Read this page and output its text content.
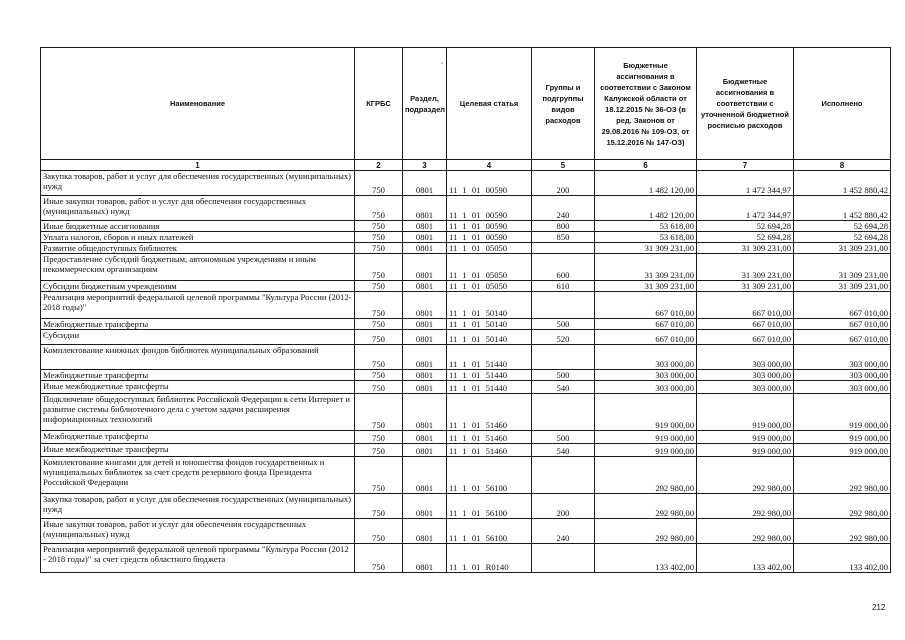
Наименование	КГРБС	Раздел, подраздел	Целевая статья	Группы и подгруппы видов расходов	Бюджетные ассигнования в соответствии с Законом Калужской области от 18.12.2015 № 36-ОЗ (в ред. Законов от 29.08.2016 № 109-ОЗ, от 15.12.2016 № 147-ОЗ)	Бюджетные ассигнования в соответствии с уточненной бюджетной росписью расходов	Исполнено
1	2	3	4	5	6	7	8
Закупка товаров, работ и услуг для обеспечения государственных (муниципальных) нужд	750	0801	11 1 01 00590	200	1 482 120,00	1 472 344,97	1 452 880,42
Иные закупки товаров, работ и услуг для обеспечения государственных (муниципальных) нужд	750	0801	11 1 01 00590	240	1 482 120,00	1 472 344,97	1 452 880,42
Иные бюджетные ассигнования	750	0801	11 1 01 00590	800	53 618,00	52 694,28	52 694,28
Уплата налогов, сборов и иных платежей	750	0801	11 1 01 00590	850	53 618,00	52 694,28	52 694,28
Развитие общедоступных библиотек	750	0801	11 1 01 05050		31 309 231,00	31 309 231,00	31 309 231,00
Предоставление субсидий бюджетным, автономным учреждениям и иным некоммерческим организациям	750	0801	11 1 01 05050	600	31 309 231,00	31 309 231,00	31 309 231,00
Субсидии бюджетным учреждениям	750	0801	11 1 01 05050	610	31 309 231,00	31 309 231,00	31 309 231,00
Реализация мероприятий федеральной целевой программы "Культура России (2012-2018 годы)"	750	0801	11 1 01 50140		667 010,00	667 010,00	667 010,00
Межбюджетные трансферты	750	0801	11 1 01 50140	500	667 010,00	667 010,00	667 010,00
Субсидии	750	0801	11 1 01 50140	520	667 010,00	667 010,00	667 010,00
Комплектование книжных фондов библиотек муниципальных образований	750	0801	11 1 01 51440		303 000,00	303 000,00	303 000,00
Межбюджетные трансферты	750	0801	11 1 01 51440	500	303 000,00	303 000,00	303 000,00
Иные межбюджетные трансферты	750	0801	11 1 01 51440	540	303 000,00	303 000,00	303 000,00
Подключение общедоступных библиотек Российской Федерации к сети Интернет и развитие системы библиотечного дела с учетом задачи расширения информационных технологий	750	0801	11 1 01 51460		919 000,00	919 000,00	919 000,00
Межбюджетные трансферты	750	0801	11 1 01 51460	500	919 000,00	919 000,00	919 000,00
Иные межбюджетные трансферты	750	0801	11 1 01 51460	540	919 000,00	919 000,00	919 000,00
Комплектование книгами для детей и юношества фондов государственных и муниципальных библиотек за счет средств резервного фонда Президента Российской Федерации	750	0801	11 1 01 56100		292 980,00	292 980,00	292 980,00
Закупка товаров, работ и услуг для обеспечения государственных (муниципальных) нужд	750	0801	11 1 01 56100	200	292 980,00	292 980,00	292 980,00
Иные закупки товаров, работ и услуг для обеспечения государственных (муниципальных) нужд	750	0801	11 1 01 56100	240	292 980,00	292 980,00	292 980,00
Реализация мероприятий федеральной целевой программы "Культура России (2012 - 2018 годы)" за счет средств областного бюджета	750	0801	11 1 01 R0140		133 402,00	133 402,00	133 402,00
212
